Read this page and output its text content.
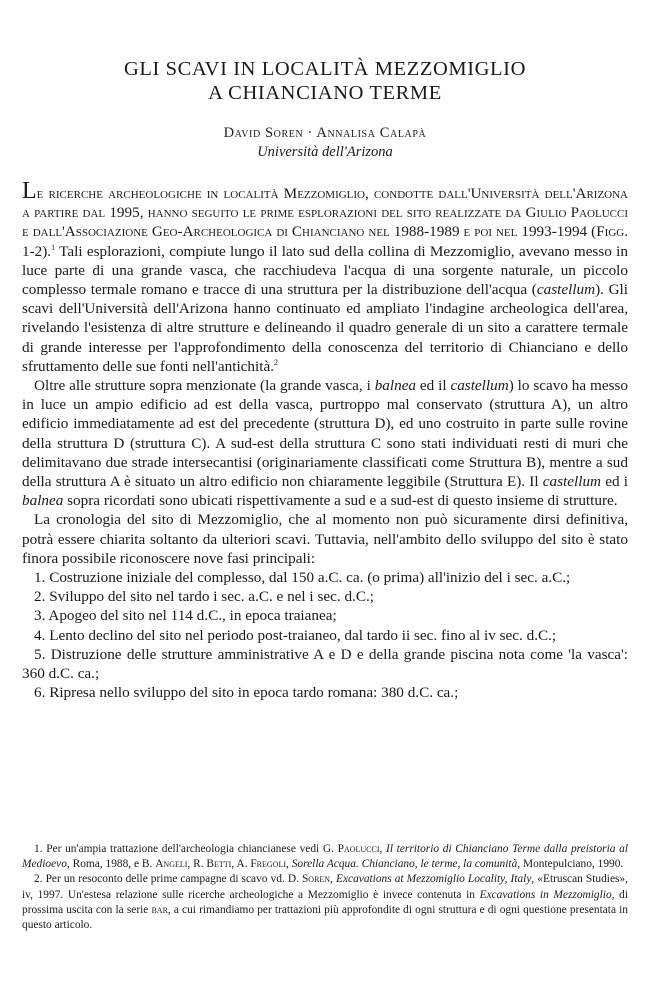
GLI SCAVI IN LOCALITÀ MEZZOMIGLIO
A CHIANCIANO TERME
David Soren · Annalisa Calapà
Università dell'Arizona

Le ricerche archeologiche in località Mezzomiglio, condotte dall'Università dell'Arizona a partire dal 1995, hanno seguito le prime esplorazioni del sito realizzate da Giulio Paolucci e dall'Associazione Geo-Archeologica di Chianciano nel 1988-1989 e poi nel 1993-1994 (Figg. 1-2).$^1$ Tali esplorazioni, compiute lungo il lato sud della collina di Mezzomiglio, avevano messo in luce parte di una grande vasca, che racchiudeva l'acqua di una sorgente naturale, un piccolo complesso termale romano e tracce di una struttura per la distribuzione dell'acqua (castellum). Gli scavi dell'Università dell'Arizona hanno continuato ed ampliato l'indagine archeologica dell'area, rivelando l'esistenza di altre strutture e delineando il quadro generale di un sito a carattere termale di grande interesse per l'approfondimento della conoscenza del territorio di Chianciano e dello sfruttamento delle sue fonti nell'antichità.$^2$

Oltre alle strutture sopra menzionate (la grande vasca, i balnea ed il castellum) lo scavo ha messo in luce un ampio edificio ad est della vasca, purtroppo mal conservato (struttura A), un altro edificio immediatamente ad est del precedente (struttura D), ed uno costruito in parte sulle rovine della struttura D (struttura C). A sud-est della struttura C sono stati individuati resti di muri che delimitavano due strade intersecantisi (originariamente classificati come Struttura B), mentre a sud della struttura A è situato un altro edificio non chiaramente leggibile (Struttura E). Il castellum ed i balnea sopra ricordati sono ubicati rispettivamente a sud e a sud-est di questo insieme di strutture.

La cronologia del sito di Mezzomiglio, che al momento non può sicuramente dirsi definitiva, potrà essere chiarita soltanto da ulteriori scavi. Tuttavia, nell'ambito dello sviluppo del sito è stato finora possibile riconoscere nove fasi principali:

1. Costruzione iniziale del complesso, dal 150 a.C. ca. (o prima) all'inizio del i sec. a.C.;

2. Sviluppo del sito nel tardo i sec. a.C. e nel i sec. d.C.;

3. Apogeo del sito nel 114 d.C., in epoca traianea;

4. Lento declino del sito nel periodo post-traianeo, dal tardo ii sec. fino al iv sec. d.C.;

5. Distruzione delle strutture amministrative A e D e della grande piscina nota come 'la vasca': 360 d.C. ca.;

6. Ripresa nello sviluppo del sito in epoca tardo romana: 380 d.C. ca.;

1. Per un'ampia trattazione dell'archeologia chiancianese vedi G. Paolucci, Il territorio di Chianciano Terme dalla preistoria al Medioevo, Roma, 1988, e B. Angeli, R. Betti, A. Fregoli, Sorella Acqua. Chianciano, le terme, la comunità, Montepulciano, 1990.

2. Per un resoconto delle prime campagne di scavo vd. D. Soren, Excavations at Mezzomiglio Locality, Italy, «Etruscan Studies», iv, 1997. Un'estesa relazione sulle ricerche archeologiche a Mezzomiglio è invece contenuta in Excavations in Mezzomiglio, di prossima uscita con la serie bar, a cui rimandiamo per trattazioni più approfondite di ogni struttura e di ogni questione presentata in questo articolo.
